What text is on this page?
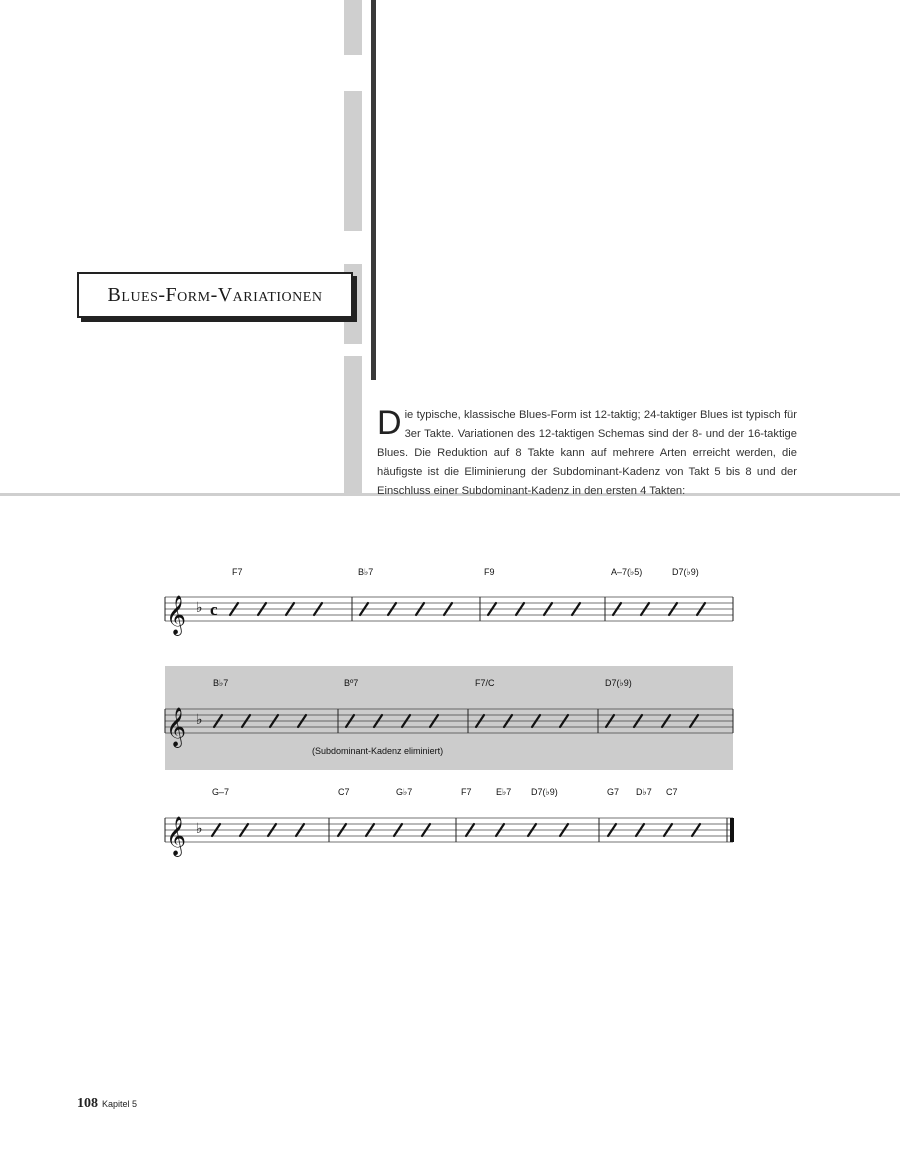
Blues-Form-Variationen
Die typische, klassische Blues-Form ist 12-taktig; 24-taktiger Blues ist typisch für 3er Takte. Variationen des 12-taktigen Schemas sind der 8- und der 16-taktige Blues. Die Reduktion auf 8 Takte kann auf mehrere Arten erreicht werden, die häufigste ist die Eliminierung der Subdominant-Kadenz von Takt 5 bis 8 und der Einschluss einer Subdominant-Kadenz in den ersten 4 Takten:
𝄞 ♭ c
F7	B♭7	F9	A–7(♭5)	D7(♭9)
𝄞 ♭
B♭7	Bº7	F7/C	D7(♭9)
(Subdominant-Kadenz eliminiert)
𝄞 ♭
G–7	C7	G♭7	F7	E♭7 D7(♭9)	G7 D♭7 C7
108 Kapitel 5
